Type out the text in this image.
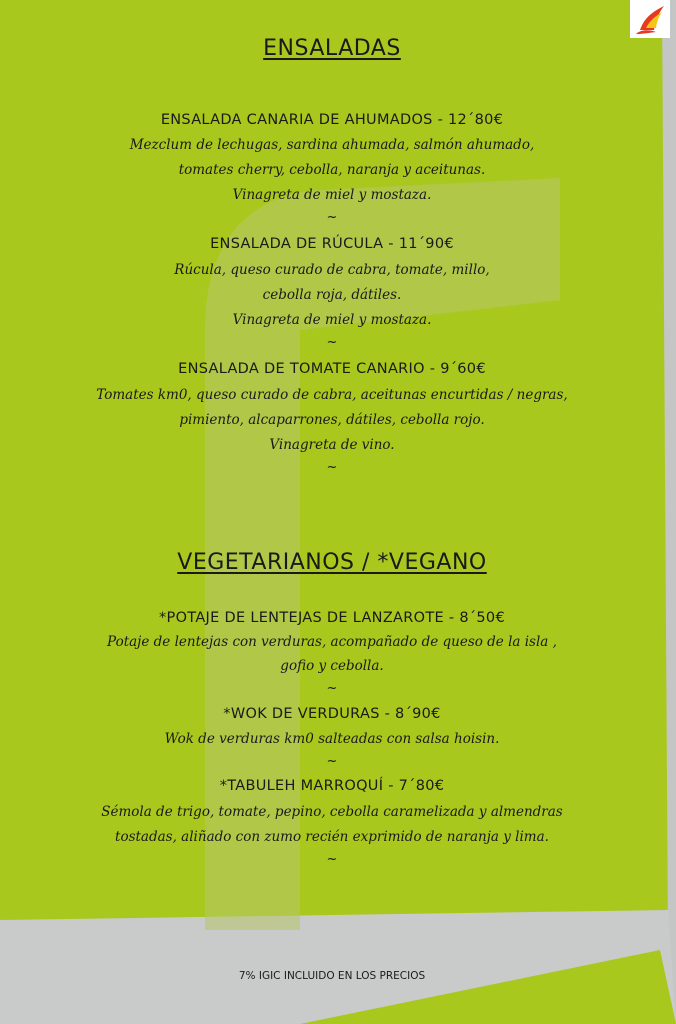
ENSALADAS
ENSALADA CANARIA DE AHUMADOS - 12´80€
Mezclum de lechugas, sardina ahumada, salmón ahumado,
tomates cherry, cebolla, naranja y aceitunas.
Vinagreta de miel y mostaza.
~
ENSALADA DE RÚCULA - 11´90€
Rúcula, queso curado de cabra, tomate, millo,
cebolla roja, dátiles.
Vinagreta de miel y mostaza.
~
ENSALADA DE TOMATE CANARIO - 9´60€
Tomates km0, queso curado de cabra, aceitunas encurtidas / negras,
pimiento, alcaparrones, dátiles, cebolla rojo.
Vinagreta de vino.
~
VEGETARIANOS / *VEGANO
*POTAJE DE LENTEJAS DE LANZAROTE - 8´50€
Potaje de lentejas con verduras, acompañado de queso de la isla ,
gofio y cebolla.
~
*WOK DE VERDURAS - 8´90€
Wok de verduras km0 salteadas con salsa hoisin.
~
*TABULEH MARROQUÍ - 7´80€
Sémola de trigo, tomate, pepino, cebolla caramelizada y almendras
tostadas, aliñado con zumo recién exprimido de naranja y lima.
~
7% IGIC INCLUIDO EN LOS PRECIOS
